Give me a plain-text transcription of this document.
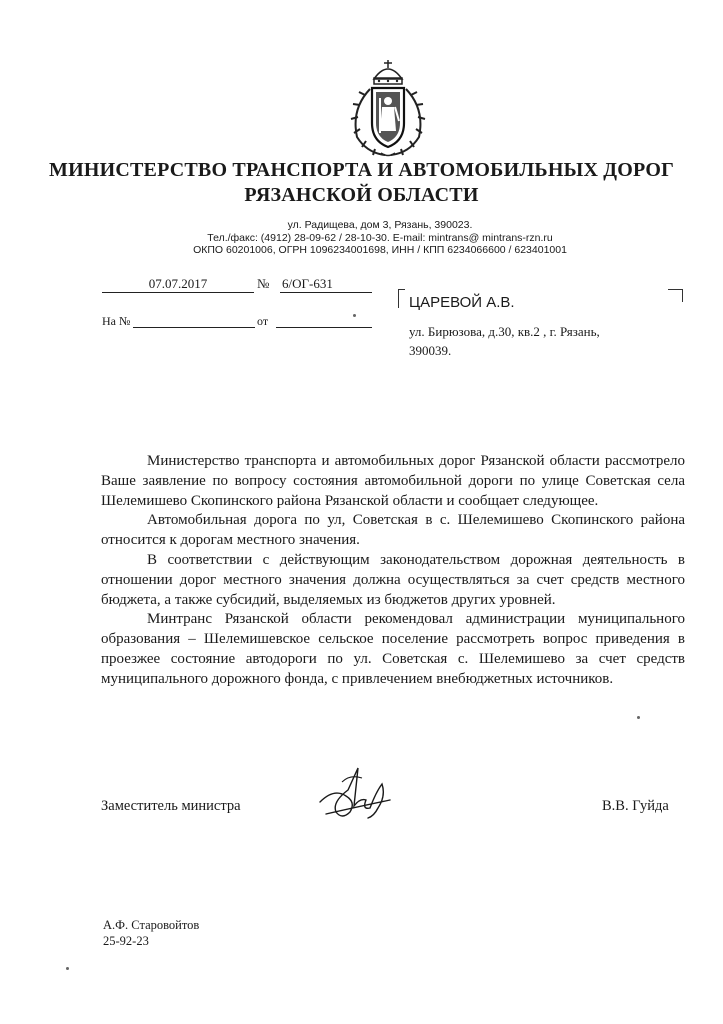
МИНИСТЕРСТВО ТРАНСПОРТА И АВТОМОБИЛЬНЫХ ДОРОГ
РЯЗАНСКОЙ ОБЛАСТИ
ул. Радищева, дом 3, Рязань, 390023.
Тел./факс: (4912) 28-09-62 / 28-10-30. E-mail: mintrans@ mintrans-rzn.ru
ОКПО 60201006, ОГРН 1096234001698, ИНН / КПП 6234066600 / 623401001
07.07.2017	№ 6/ОГ-631
На №	от
ЦАРЕВОЙ А.В.
ул. Бирюзова, д.30, кв.2 , г. Рязань,
390039.

Министерство транспорта и автомобильных дорог Рязанской области рассмотрело Ваше заявление по вопросу состояния автомобильной дороги по улице Советская села Шелемишево Скопинского района Рязанской области и сообщает следующее.

Автомобильная дорога по ул, Советская в с. Шелемишево Скопинского района относится к дорогам местного значения.

В соответствии с действующим законодательством дорожная деятельность в отношении дорог местного значения должна осуществляться за счет средств местного бюджета, а также субсидий, выделяемых из бюджетов других уровней.

Минтранс Рязанской области рекомендовал администрации муниципального образования – Шелемишевское сельское поселение рассмотреть вопрос приведения в проезжее состояние автодороги по ул. Советская с. Шелемишево за счет средств муниципального дорожного фонда, с привлечением внебюджетных источников.

Заместитель министра	В.В. Гуйда
А.Ф. Старовойтов
25-92-23
